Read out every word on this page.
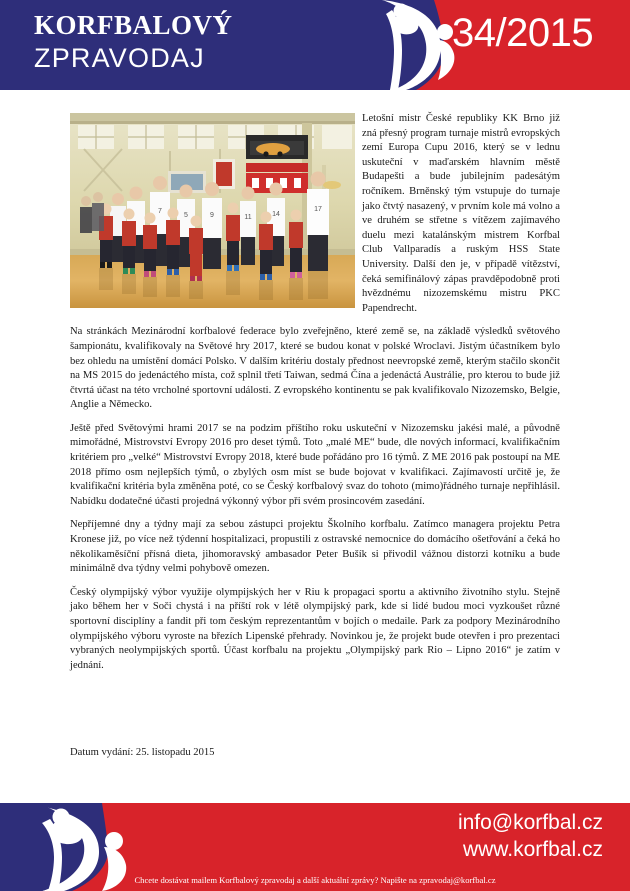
KORFBALOVÝ
ZPRAVODAJ
34/2015
7
5	9	11	14
17

Letošní mistr České republiky KK Brno již zná přesný program turnaje mistrů evropských zemí Europa Cupu 2016, který se v lednu uskuteční v maďarském hlavním městě Budapešti a bude jubilejním padesátým ročníkem. Brněnský tým vstupuje do turnaje jako čtvtý nasazený, v prvním kole má volno a ve druhém se střetne s vítězem zajímavého duelu mezi katalánským mistrem Korfbal Club Vallparadís a ruským HSS State University. Další den je, v případě vítězství, čeká semifinálový zápas pravděpodobně proti hvězdnému nizozemskému mistru PKC Papendrecht.

Na stránkách Mezinárodní korfbalové federace bylo zveřejněno, které země se, na základě výsledků světového šampionátu, kvalifikovaly na Světové hry 2017, které se budou konat v polské Wroclavi. Jistým účastníkem bylo bez ohledu na umístění domácí Polsko. V dalším kritériu dostaly přednost neevropské země, kterým stačilo skončit na MS 2015 do jedenáctého místa, což splnil třetí Taiwan, sedmá Čína a jedenáctá Austrálie, pro kterou to bude již čtvrtá účast na této vrcholné sportovní události. Z evropského kontinentu se pak kvalifikovalo Nizozemsko, Belgie, Anglie a Německo.

Ještě před Světovými hrami 2017 se na podzim příštího roku uskuteční v Nizozemsku jakési malé, a původně mimořádné, Mistrovství Evropy 2016 pro deset týmů. Toto „malé ME“ bude, dle nových informací, kvalifikačním kritériem pro „velké“ Mistrovství Evropy 2018, které bude pořádáno pro 16 týmů. Z ME 2016 pak postoupí na ME 2018 přímo osm nejlepších týmů, o zbylých osm míst se bude bojovat v kvalifikaci. Zajímavostí určitě je, že kvalifikační kritéria byla změněna poté, co se Český korfbalový svaz do tohoto (mimo)řádného turnaje nepřihlásil. Nabídku dodatečné účasti projedná výkonný výbor při svém prosincovém zasedání.

Nepříjemné dny a týdny mají za sebou zástupci projektu Školního korfbalu. Zatímco managera projektu Petra Kronese již, po více než týdenní hospitalizaci, propustili z ostravské nemocnice do domácího ošetřování a čeká ho několikaměsíční přísná dieta, jihomoravský ambasador Peter Bušík si přivodil vážnou distorzi kotníku a bude minimálně dva týdny velmi pohybově omezen.

Český olympijský výbor využije olympijských her v Riu k propagaci sportu a aktivního životního stylu. Stejně jako během her v Soči chystá i na příští rok v létě olympijský park, kde si lidé budou moci vyzkoušet různé sportovní disciplíny a fandit při tom českým reprezentantům v bojích o medaile. Park za podpory Mezinárodního olympijského výboru vyroste na březích Lipenské přehrady. Novinkou je, že projekt bude otevřen i pro prezentaci vybraných neolympijských sportů. Účast korfbalu na projektu „Olympijský park Rio – Lipno 2016“ je zatím v jednání.

Datum vydání: 25. listopadu 2015
info@korfbal.cz
www.korfbal.cz
Chcete dostávat mailem Korfbalový zpravodaj a další aktuální zprávy? Napište na zpravodaj@korfbal.cz
